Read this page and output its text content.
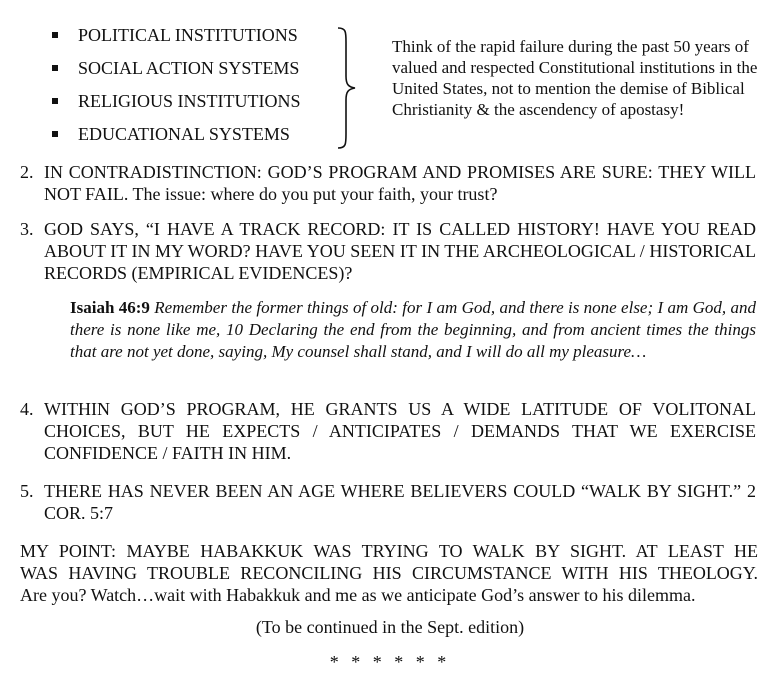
POLITICAL INSTITUTIONS
SOCIAL ACTION SYSTEMS
RELIGIOUS INSTITUTIONS
EDUCATIONAL SYSTEMS
Think of the rapid failure during the past 50 years of valued and respected Constitutional institutions in the United States, not to mention the demise of Biblical Christianity & the ascendency of apostasy!
2. IN CONTRADISTINCTION: GOD’S PROGRAM AND PROMISES ARE SURE: THEY WILL NOT FAIL. The issue: where do you put your faith, your trust?
3. GOD SAYS, “I HAVE A TRACK RECORD: IT IS CALLED HISTORY! HAVE YOU READ ABOUT IT IN MY WORD? HAVE YOU SEEN IT IN THE ARCHEOLOGICAL / HISTORICAL RECORDS (EMPIRICAL EVIDENCES)?
Isaiah 46:9 Remember the former things of old: for I am God, and there is none else; I am God, and there is none like me, 10 Declaring the end from the beginning, and from ancient times the things that are not yet done, saying, My counsel shall stand, and I will do all my pleasure…
4. WITHIN GOD’S PROGRAM, HE GRANTS US A WIDE LATITUDE OF VOLITONAL CHOICES, BUT HE EXPECTS / ANTICIPATES / DEMANDS THAT WE EXERCISE CONFIDENCE / FAITH IN HIM.
5. THERE HAS NEVER BEEN AN AGE WHERE BELIEVERS COULD “WALK BY SIGHT.” 2 COR. 5:7
MY POINT: MAYBE HABAKKUK WAS TRYING TO WALK BY SIGHT. AT LEAST HE
WAS HAVING TROUBLE RECONCILING HIS CIRCUMSTANCE WITH HIS THEOLOGY.
Are you? Watch…wait with Habakkuk and me as we anticipate God’s answer to his dilemma.
(To be continued in the Sept. edition)
* * * * * *
